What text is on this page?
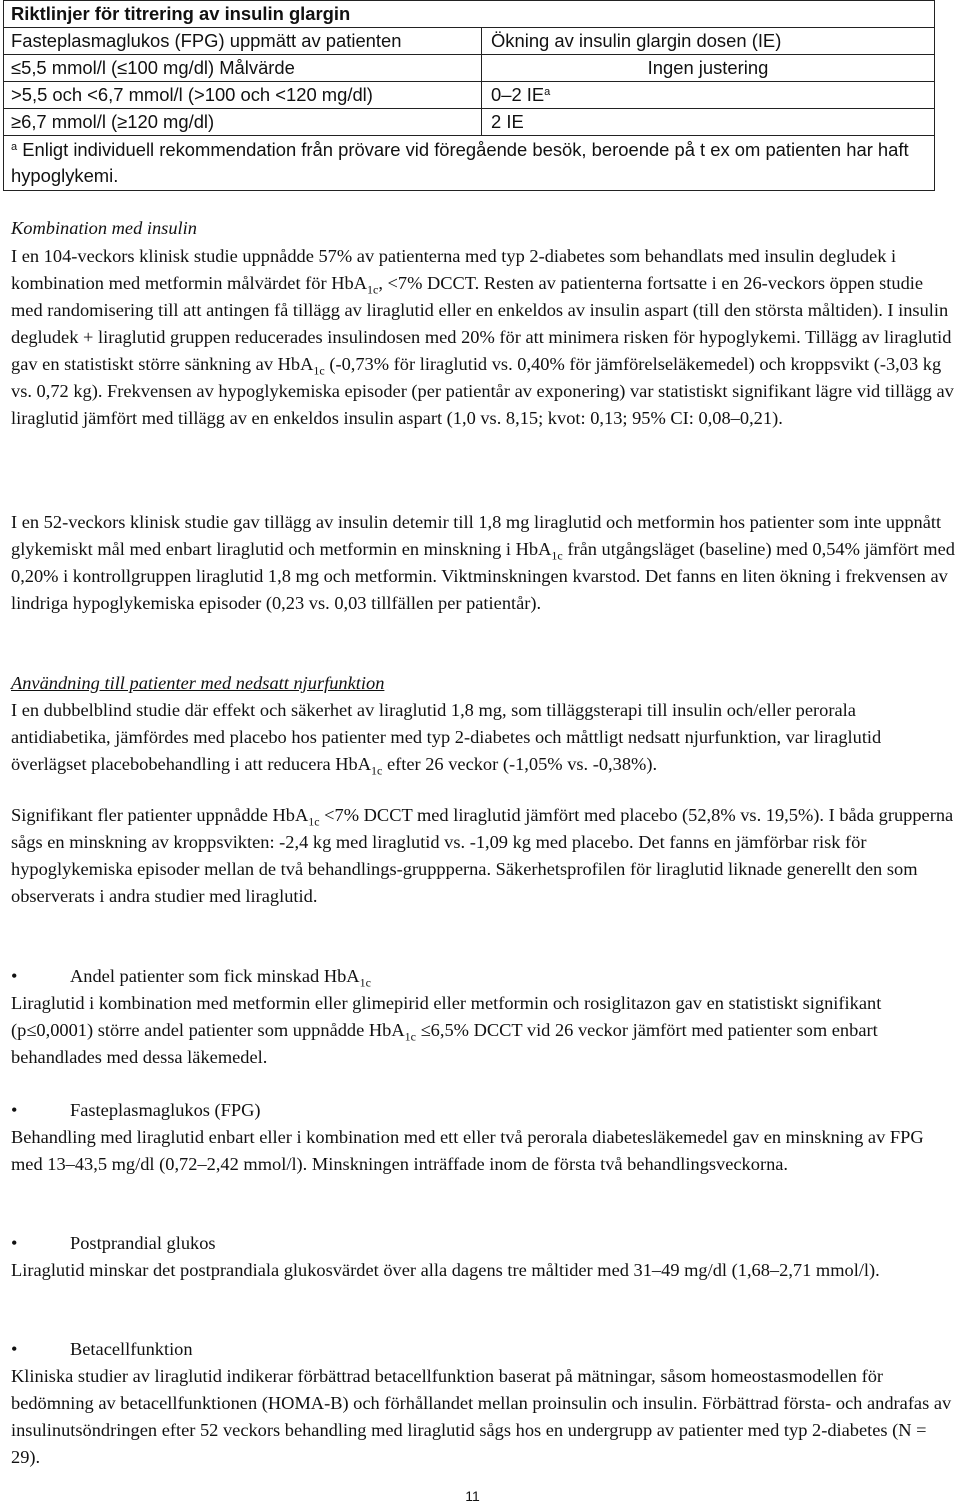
Riktlinjer för titrering av insulin glargin	
Fasteplasmaglukos (FPG) uppmätt av patienten	Ökning av insulin glargin dosen (IE)
≤5,5 mmol/l (≤100 mg/dl) Målvärde	Ingen justering
>5,5 och <6,7 mmol/l (>100 och <120 mg/dl)	0‒2 $IE^a$
≥6,7 mmol/l (≥120 mg/dl)	2 IE
$^a$ Enligt individuell rekommendation från prövare vid föregående besök, beroende på t ex om patienten har haft hypoglykemi.	
Kombination med insulin
I en 104-veckors klinisk studie uppnådde 57% av patienterna med typ 2-diabetes som behandlats med insulin degludek i kombination med metformin målvärdet för HbA$_{1c}$, <7% DCCT. Resten av patienterna fortsatte i en 26-veckors öppen studie med randomisering till att antingen få tillägg av liraglutid eller en enkeldos av insulin aspart (till den största måltiden). I insulin degludek + liraglutid gruppen reducerades insulindosen med 20% för att minimera risken för hypoglykemi. Tillägg av liraglutid gav en statistiskt större sänkning av HbA$_{1c}$ (-0,73% för liraglutid vs. 0,40% för jämförelseläkemedel) och kroppsvikt (-3,03 kg vs. 0,72 kg). Frekvensen av hypoglykemiska episoder (per patientår av exponering) var statistiskt signifikant lägre vid tillägg av liraglutid jämfört med tillägg av en enkeldos insulin aspart (1,0 vs. 8,15; kvot: 0,13; 95% CI: 0,08‒0,21).
I en 52-veckors klinisk studie gav tillägg av insulin detemir till 1,8 mg liraglutid och metformin hos patienter som inte uppnått glykemiskt mål med enbart liraglutid och metformin en minskning i HbA$_{1c}$ från utgångsläget (baseline) med 0,54% jämfört med 0,20% i kontrollgruppen liraglutid 1,8 mg och metformin. Viktminskningen kvarstod. Det fanns en liten ökning i frekvensen av lindriga hypoglykemiska episoder (0,23 vs. 0,03 tillfällen per patientår).
Användning till patienter med nedsatt njurfunktion
I en dubbelblind studie där effekt och säkerhet av liraglutid 1,8 mg, som tilläggsterapi till insulin och/eller perorala antidiabetika, jämfördes med placebo hos patienter med typ 2-diabetes och måttligt nedsatt njurfunktion, var liraglutid överlägset placebobehandling i att reducera HbA$_{1c}$ efter 26 veckor (-1,05% vs. -0,38%).
Signifikant fler patienter uppnådde HbA$_{1c}$ <7% DCCT med liraglutid jämfört med placebo (52,8% vs. 19,5%). I båda grupperna sågs en minskning av kroppsvikten: -2,4 kg med liraglutid vs. -1,09 kg med placebo. Det fanns en jämförbar risk för hypoglykemiska episoder mellan de två behandlings-gruppperna. Säkerhetsprofilen för liraglutid liknade generellt den som observerats i andra studier med liraglutid.
•	Andel patienter som fick minskad HbA$_{1c}$
Liraglutid i kombination med metformin eller glimepirid eller metformin och rosiglitazon gav en statistiskt signifikant (p≤0,0001) större andel patienter som uppnådde HbA$_{1c}$ ≤6,5% DCCT vid 26 veckor jämfört med patienter som enbart behandlades med dessa läkemedel.
•	Fasteplasmaglukos (FPG)
Behandling med liraglutid enbart eller i kombination med ett eller två perorala diabetesläkemedel gav en minskning av FPG med 13‒43,5 mg/dl (0,72‒2,42 mmol/l). Minskningen inträffade inom de första två behandlingsveckorna.
•	Postprandial glukos
Liraglutid minskar det postprandiala glukosvärdet över alla dagens tre måltider med 31‒49 mg/dl (1,68‒2,71 mmol/l).
•	Betacellfunktion
Kliniska studier av liraglutid indikerar förbättrad betacellfunktion baserat på mätningar, såsom homeostasmodellen för bedömning av betacellfunktionen (HOMA-B) och förhållandet mellan proinsulin och insulin. Förbättrad första- och andrafas av insulinutsöndringen efter 52 veckors behandling med liraglutid sågs hos en undergrupp av patienter med typ 2-diabetes (N = 29).
11
